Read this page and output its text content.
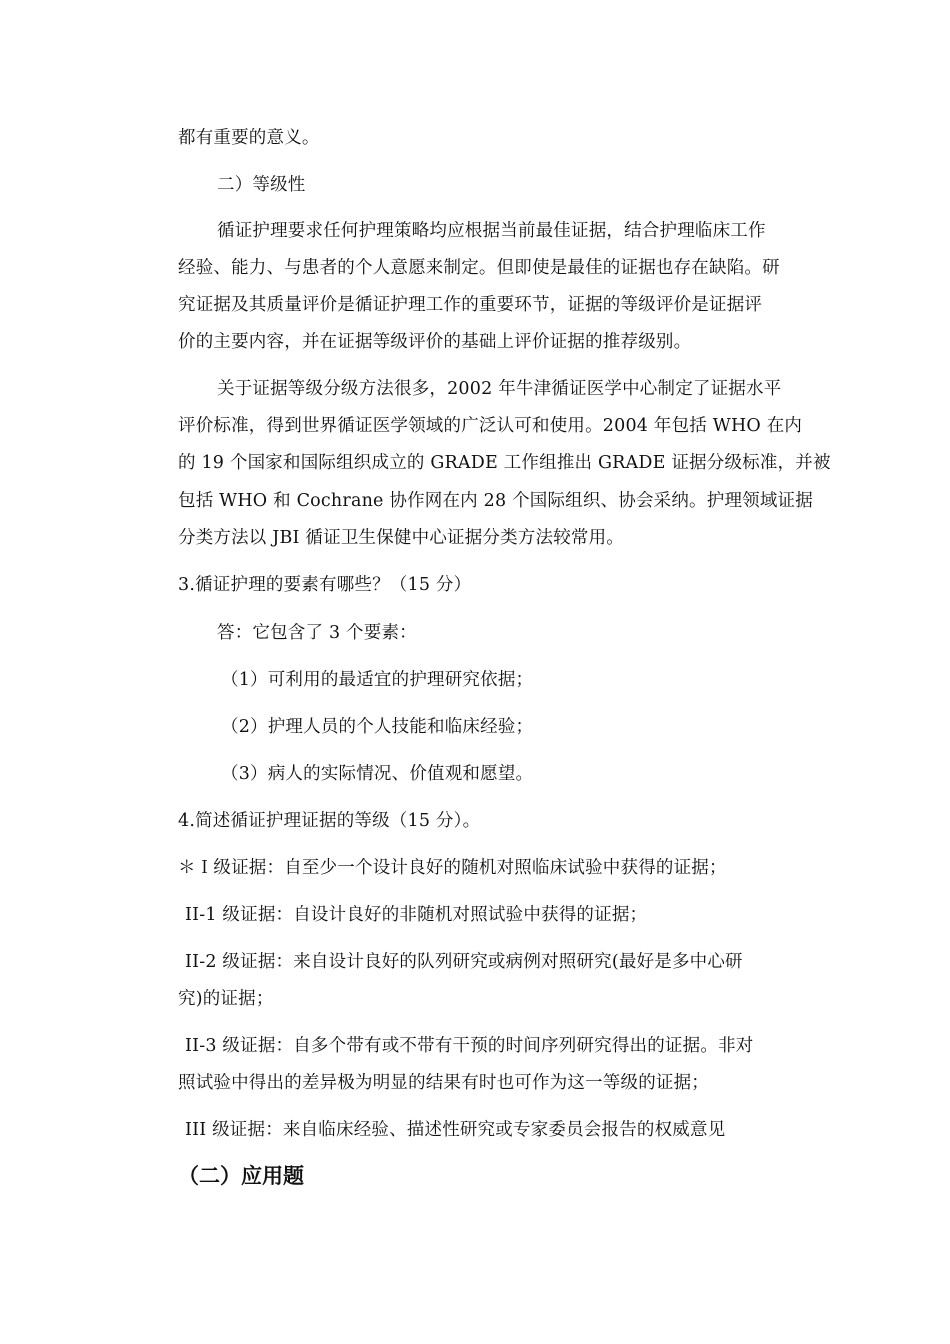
都有重要的意义。
二）等级性
循证护理要求任何护理策略均应根据当前最佳证据，结合护理临床工作
经验、能力、与患者的个人意愿来制定。但即使是最佳的证据也存在缺陷。研
究证据及其质量评价是循证护理工作的重要环节，证据的等级评价是证据评
价的主要内容，并在证据等级评价的基础上评价证据的推荐级别。
关于证据等级分级方法很多，2002 年牛津循证医学中心制定了证据水平
评价标准，得到世界循证医学领域的广泛认可和使用。2004 年包括 WHO 在内
的 19 个国家和国际组织成立的 GRADE 工作组推出 GRADE 证据分级标准，并被
包括 WHO 和 Cochrane 协作网在内 28 个国际组织、协会采纳。护理领域证据
分类方法以 JBI 循证卫生保健中心证据分类方法较常用。
3.循证护理的要素有哪些？（15 分）
答：它包含了 3 个要素：
（1）可利用的最适宜的护理研究依据；
（2）护理人员的个人技能和临床经验；
（3）病人的实际情况、价值观和愿望。
4.简述循证护理证据的等级（15 分）。
＊Ｉ级证据：自至少一个设计良好的随机对照临床试验中获得的证据；
II-1 级证据：自设计良好的非随机对照试验中获得的证据；
II-2 级证据：来自设计良好的队列研究或病例对照研究(最好是多中心研
究)的证据；
II-3 级证据：自多个带有或不带有干预的时间序列研究得出的证据。非对
照试验中得出的差异极为明显的结果有时也可作为这一等级的证据；
III 级证据：来自临床经验、描述性研究或专家委员会报告的权威意见
（二）应用题
